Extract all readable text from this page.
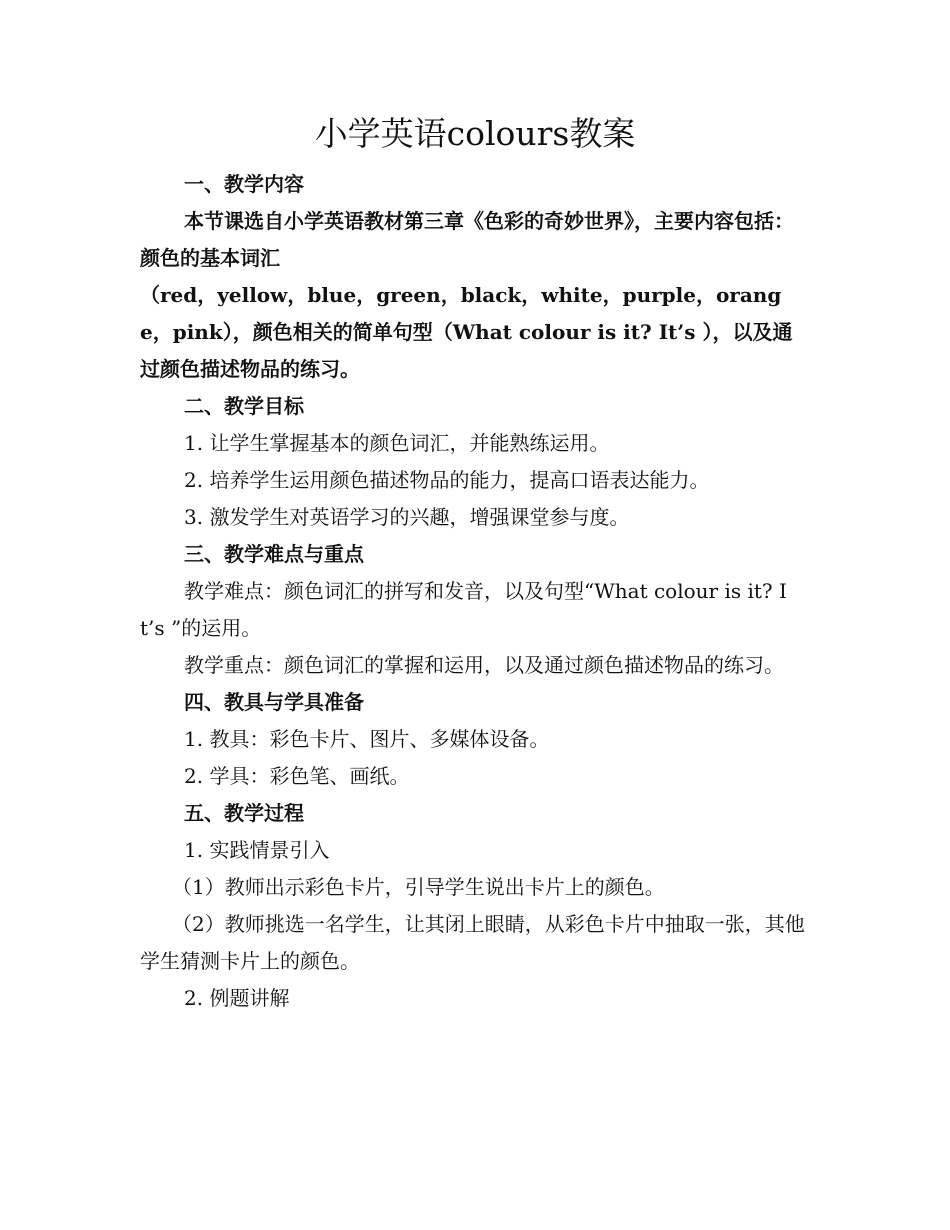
小学英语colours教案

一、教学内容

本节课选自小学英语教材第三章《色彩的奇妙世界》，主要内容包括：颜色的基本词汇

（red，yellow，blue，green，black，white，purple，orange，pink），颜色相关的简单句型（What colour is it? It’s ），以及通过颜色描述物品的练习。

二、教学目标

1. 让学生掌握基本的颜色词汇，并能熟练运用。

2. 培养学生运用颜色描述物品的能力，提高口语表达能力。

3. 激发学生对英语学习的兴趣，增强课堂参与度。

三、教学难点与重点

教学难点：颜色词汇的拼写和发音，以及句型“What colour is it? It’s ”的运用。

教学重点：颜色词汇的掌握和运用，以及通过颜色描述物品的练习。

四、教具与学具准备

1. 教具：彩色卡片、图片、多媒体设备。

2. 学具：彩色笔、画纸。

五、教学过程

1. 实践情景引入

（1）教师出示彩色卡片，引导学生说出卡片上的颜色。

（2）教师挑选一名学生，让其闭上眼睛，从彩色卡片中抽取一张，其他学生猜测卡片上的颜色。

2. 例题讲解
